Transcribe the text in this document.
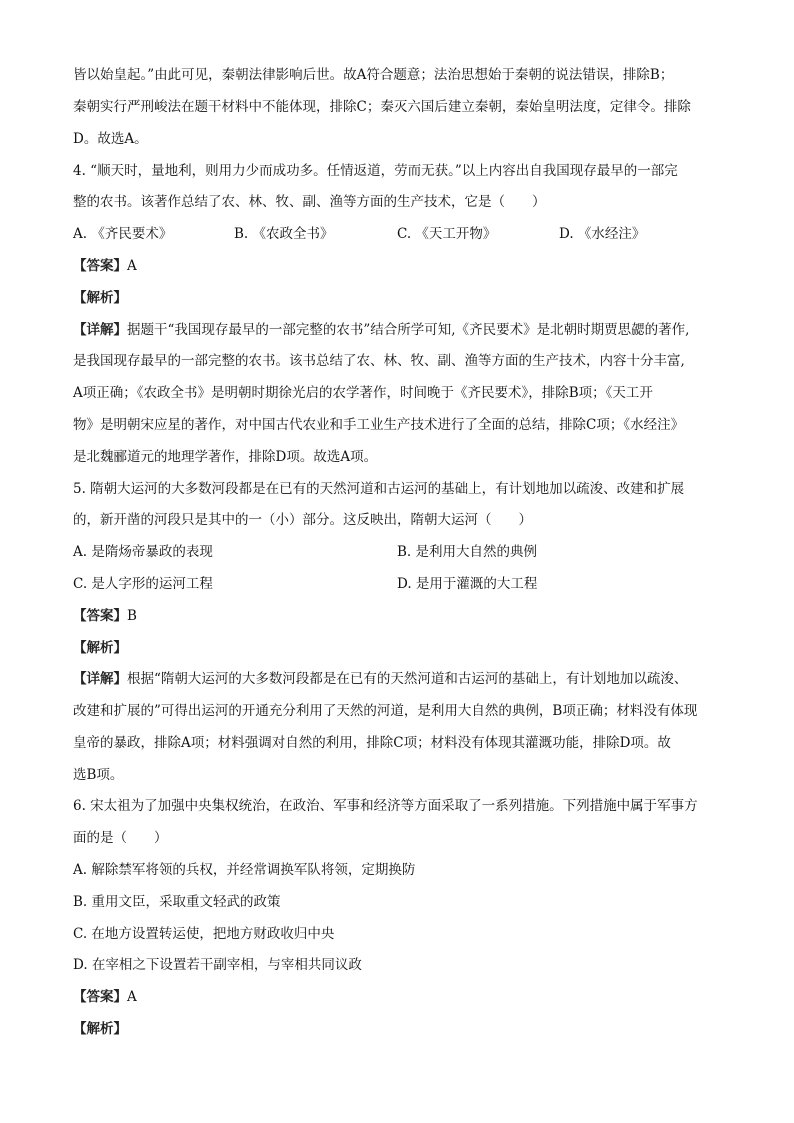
皆以始皇起。”由此可见，秦朝法律影响后世。故A符合题意；法治思想始于秦朝的说法错误，排除B；
秦朝实行严刑峻法在题干材料中不能体现，排除C；秦灭六国后建立秦朝，秦始皇明法度，定律令。排除
D。故选A。
4. “顺天时，量地利，则用力少而成功多。任情返道，劳而无获。”以上内容出自我国现存最早的一部完
整的农书。该著作总结了农、林、牧、副、渔等方面的生产技术，它是（　　）
A. 《齐民要术》	B. 《农政全书》	C. 《天工开物》	D. 《水经注》
【答案】A
【解析】
【详解】据题干“我国现存最早的一部完整的农书”结合所学可知,《齐民要术》是北朝时期贾思勰的著作,
是我国现存最早的一部完整的农书。该书总结了农、林、牧、副、渔等方面的生产技术，内容十分丰富,
A项正确；《农政全书》是明朝时期徐光启的农学著作，时间晚于《齐民要术》，排除B项；《天工开
物》是明朝宋应星的著作，对中国古代农业和手工业生产技术进行了全面的总结，排除C项；《水经注》
是北魏郦道元的地理学著作，排除D项。故选A项。
5. 隋朝大运河的大多数河段都是在已有的天然河道和古运河的基础上，有计划地加以疏浚、改建和扩展
的，新开凿的河段只是其中的一（小）部分。这反映出，隋朝大运河（　　）
A. 是隋炀帝暴政的表现	B. 是利用大自然的典例
C. 是人字形的运河工程	D. 是用于灌溉的大工程
【答案】B
【解析】
【详解】根据“隋朝大运河的大多数河段都是在已有的天然河道和古运河的基础上，有计划地加以疏浚、
改建和扩展的”可得出运河的开通充分利用了天然的河道，是利用大自然的典例，B项正确；材料没有体现
皇帝的暴政，排除A项；材料强调对自然的利用，排除C项；材料没有体现其灌溉功能，排除D项。故
选B项。
6. 宋太祖为了加强中央集权统治，在政治、军事和经济等方面采取了一系列措施。下列措施中属于军事方
面的是（　　）
A. 解除禁军将领的兵权，并经常调换军队将领，定期换防
B. 重用文臣，采取重文轻武的政策
C. 在地方设置转运使，把地方财政收归中央
D. 在宰相之下设置若干副宰相，与宰相共同议政
【答案】A
【解析】
